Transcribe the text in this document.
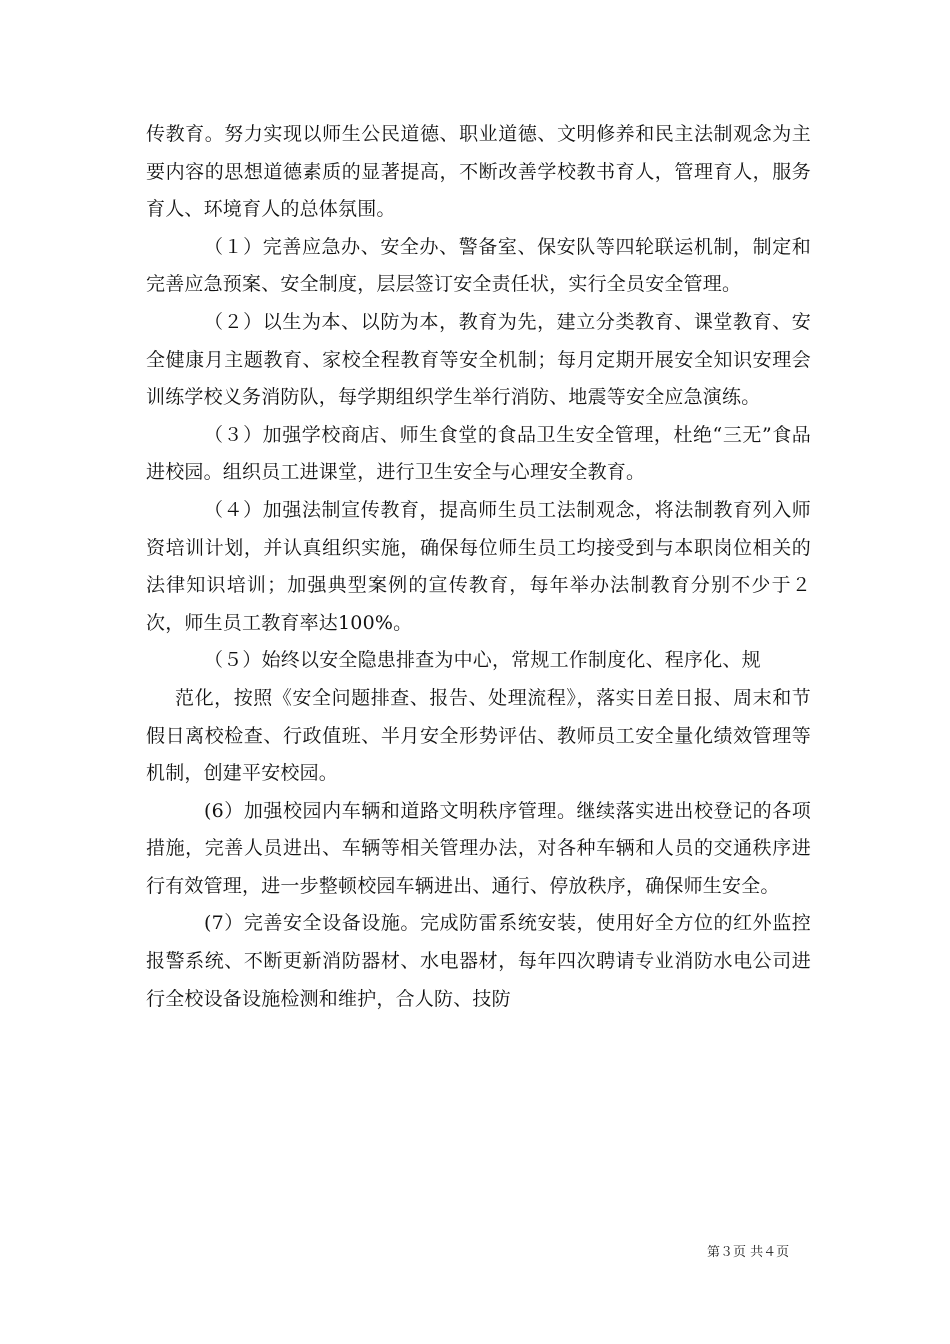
传教育。努力实现以师生公民道德、职业道德、文明修养和民主法制观念为主要内容的思想道德素质的显著提高，不断改善学校教书育人，管理育人，服务育人、环境育人的总体氛围。

（１）完善应急办、安全办、警备室、保安队等四轮联运机制，制定和完善应急预案、安全制度，层层签订安全责任状，实行全员安全管理。

（２）以生为本、以防为本，教育为先，建立分类教育、课堂教育、安全健康月主题教育、家校全程教育等安全机制；每月定期开展安全知识安理会训练学校义务消防队，每学期组织学生举行消防、地震等安全应急演练。

（３）加强学校商店、师生食堂的食品卫生安全管理，杜绝“三无”食品进校园。组织员工进课堂，进行卫生安全与心理安全教育。

（４）加强法制宣传教育，提高师生员工法制观念，将法制教育列入师资培训计划，并认真组织实施，确保每位师生员工均接受到与本职岗位相关的法律知识培训；加强典型案例的宣传教育，每年举办法制教育分别不少于２次，师生员工教育率达100%。

（５）始终以安全隐患排查为中心，常规工作制度化、程序化、规

范化，按照《安全问题排查、报告、处理流程》，落实日差日报、周末和节假日离校检查、行政值班、半月安全形势评估、教师员工安全量化绩效管理等机制，创建平安校园。

(6）加强校园内车辆和道路文明秩序管理。继续落实进出校登记的各项措施，完善人员进出、车辆等相关管理办法，对各种车辆和人员的交通秩序进行有效管理，进一步整顿校园车辆进出、通行、停放秩序，确保师生安全。

(7）完善安全设备设施。完成防雷系统安装，使用好全方位的红外监控报警系统、不断更新消防器材、水电器材，每年四次聘请专业消防水电公司进行全校设备设施检测和维护，合人防、技防

第３页 共４页
